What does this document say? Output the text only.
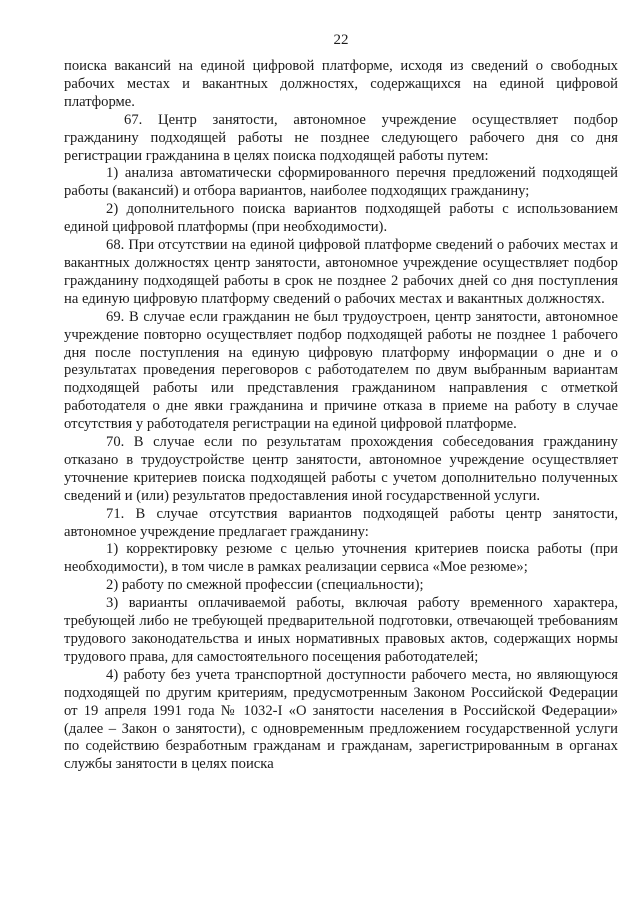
22

поиска вакансий на единой цифровой платформе, исходя из сведений о свободных рабочих местах и вакантных должностях, содержащихся на единой цифровой платформе.

67. Центр занятости, автономное учреждение осуществляет подбор гражданину подходящей работы не позднее следующего рабочего дня со дня регистрации гражданина в целях поиска подходящей работы путем:

1) анализа автоматически сформированного перечня предложений подходящей работы (вакансий) и отбора вариантов, наиболее подходящих гражданину;

2) дополнительного поиска вариантов подходящей работы с использованием единой цифровой платформы (при необходимости).

68. При отсутствии на единой цифровой платформе сведений о рабочих местах и вакантных должностях центр занятости, автономное учреждение осуществляет подбор гражданину подходящей работы в срок не позднее 2 рабочих дней со дня поступления на единую цифровую платформу сведений о рабочих местах и вакантных должностях.

69. В случае если гражданин не был трудоустроен, центр занятости, автономное учреждение повторно осуществляет подбор подходящей работы не позднее 1 рабочего дня после поступления на единую цифровую платформу информации о дне и о результатах проведения переговоров с работодателем по двум выбранным вариантам подходящей работы или представления гражданином направления с отметкой работодателя о дне явки гражданина и причине отказа в приеме на работу в случае отсутствия у работодателя регистрации на единой цифровой платформе.

70. В случае если по результатам прохождения собеседования гражданину отказано в трудоустройстве центр занятости, автономное учреждение осуществляет уточнение критериев поиска подходящей работы с учетом дополнительно полученных сведений и (или) результатов предоставления иной государственной услуги.

71. В случае отсутствия вариантов подходящей работы центр занятости, автономное учреждение предлагает гражданину:

1) корректировку резюме с целью уточнения критериев поиска работы (при необходимости), в том числе в рамках реализации сервиса «Мое резюме»;

2) работу по смежной профессии (специальности);

3) варианты оплачиваемой работы, включая работу временного характера, требующей либо не требующей предварительной подготовки, отвечающей требованиям трудового законодательства и иных нормативных правовых актов, содержащих нормы трудового права, для самостоятельного посещения работодателей;

4) работу без учета транспортной доступности рабочего места, но являющуюся подходящей по другим критериям, предусмотренным Законом Российской Федерации от 19 апреля 1991 года № 1032-I «О занятости населения в Российской Федерации» (далее – Закон о занятости), с одновременным предложением государственной услуги по содействию безработным гражданам и гражданам, зарегистрированным в органах службы занятости в целях поиска
